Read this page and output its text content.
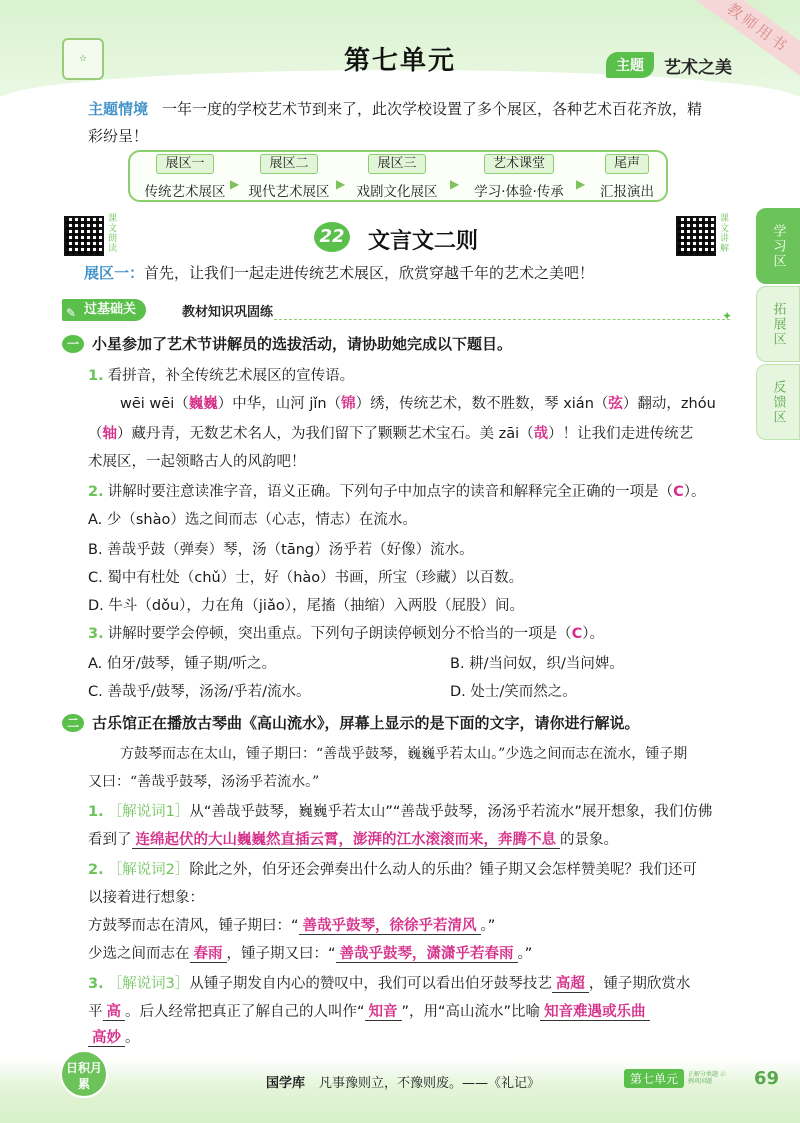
☆	第七单元	主题	艺术之美
教师用书
主题情境 一年一度的学校艺术节到来了，此次学校设置了多个展区，各种艺术百花齐放，精
彩纷呈！
展区一
传统艺术展区 ▶
展区二
现代艺术展区 ▶
展区三
戏剧文化展区	▶
艺术课堂
学习·体验·传承	▶
尾声
汇报演出
课文朗读
22 文言文二则
课文讲解
展区一：首先，让我们一起走进传统艺术展区，欣赏穿越千年的艺术之美吧！
✎ 过基础关	教材知识巩固练	✦
学习区
拓展区
反馈区
一 小星参加了艺术节讲解员的选拔活动，请协助她完成以下题目。
1. 看拼音，补全传统艺术展区的宣传语。
wēi wēi（巍巍）中华，山河 jǐn（锦）绣，传统艺术，数不胜数，琴 xián（弦）翻动，zhóu
（轴）藏丹青，无数艺术名人，为我们留下了颗颗艺术宝石。美 zāi（哉）！让我们走进传统艺
术展区，一起领略古人的风韵吧！
2. 讲解时要注意读准字音，语义正确。下列句子中加点字的读音和解释完全正确的一项是（C）。
A. 少（shào）选之间而志（心志，情志）在流水。
B. 善哉乎鼓（弹奏）琴，汤（tāng）汤乎若（好像）流水。
C. 蜀中有杜处（chǔ）士，好（hào）书画，所宝（珍藏）以百数。
D. 牛斗（dǒu），力在角（jiǎo），尾搐（抽缩）入两股（屁股）间。
3. 讲解时要学会停顿，突出重点。下列句子朗读停顿划分不恰当的一项是（C）。
A. 伯牙/鼓琴，锺子期/听之。	B. 耕/当问奴，织/当问婢。
C. 善哉乎/鼓琴，汤汤/乎若/流水。	D. 处士/笑而然之。
二 古乐馆正在播放古琴曲《高山流水》，屏幕上显示的是下面的文字，请你进行解说。
方鼓琴而志在太山，锺子期曰：“善哉乎鼓琴，巍巍乎若太山。”少选之间而志在流水，锺子期
又曰：“善哉乎鼓琴，汤汤乎若流水。”
1. ［解说词1］从“善哉乎鼓琴，巍巍乎若太山”“善哉乎鼓琴，汤汤乎若流水”展开想象，我们仿佛
看到了 连绵起伏的大山巍巍然直插云霄，澎湃的江水滚滚而来，奔腾不息 的景象。
2. ［解说词2］除此之外，伯牙还会弹奏出什么动人的乐曲？锺子期又会怎样赞美呢？我们还可
以接着进行想象：
方鼓琴而志在清风，锺子期曰：“ 善哉乎鼓琴，徐徐乎若清风 。”
少选之间而志在 春雨 ，锺子期又曰：“ 善哉乎鼓琴，潇潇乎若春雨 。”
3. ［解说词3］从锺子期发自内心的赞叹中，我们可以看出伯牙鼓琴技艺 高超 ，锺子期欣赏水
平 高 。后人经常把真正了解自己的人叫作“ 知音 ”，用“高山流水”比喻 知音难遇或乐曲
高妙 。
日积月累	国学库 凡事豫则立，不豫则废。——《礼记》	第七单元	正解分类题 示例巩固题	69
